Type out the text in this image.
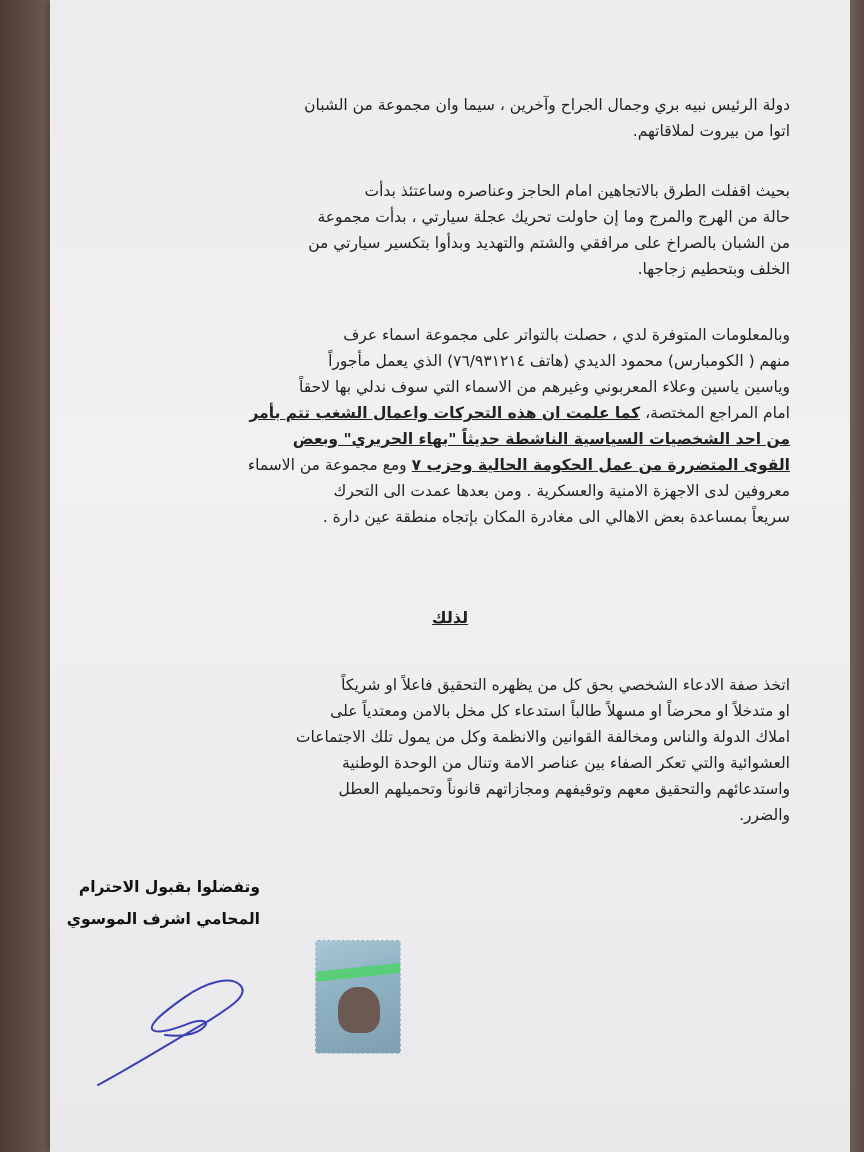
دولة الرئيس نبيه بري وجمال الجراح وآخرين ، سيما وان مجموعة من الشبان

اتوا من بيروت لملاقاتهم.

بحيث اقفلت الطرق بالاتجاهين امام الحاجز وعناصره وساعتئذ بدأت

حالة من الهرج والمرج وما إن حاولت تحريك عجلة سيارتي ، بدأت مجموعة

من الشبان بالصراخ على مرافقي والشتم والتهديد وبدأوا بتكسير سيارتي من

الخلف وبتحطيم زجاجها.

وبالمعلومات المتوفرة لدي ، حصلت بالتواتر على مجموعة اسماء عرف

منهم ( الكومبارس) محمود الديدي (هاتف ٧٦/٩٣١٢١٤) الذي يعمل مأجوراً

وياسين ياسين وعلاء المعربوني وغيرهم من الاسماء التي سوف ندلي بها لاحقاً

امام المراجع المختصة، كما علمت ان هذه التحركات واعمال الشغب تتم بأمر

من احد الشخصيات السياسية الناشطة حديثاً "بهاء الحريري" وبعض

القوى المتضررة من عمل الحكومة الحالية وحزب ٧ ومع مجموعة من الاسماء

معروفين لدى الاجهزة الامنية والعسكرية . ومن بعدها عمدت الى التحرك

سريعاً بمساعدة بعض الاهالي الى مغادرة المكان بإتجاه منطقة عين دارة .

لذلك

اتخذ صفة الادعاء الشخصي بحق كل من يظهره التحقيق فاعلاً او شريكاً

او متدخلاً او محرضاً او مسهلاً طالباً استدعاء كل مخل بالامن ومعتدياً على

املاك الدولة والناس ومخالفة القوانين والانظمة وكل من يمول تلك الاجتماعات

العشوائية والتي تعكر الصفاء بين عناصر الامة وتنال من الوحدة الوطنية

واستدعائهم والتحقيق معهم وتوقيفهم ومجازاتهم قانوناً وتحميلهم العطل

والضرر.

وتفضلوا بقبول الاحترام
المحامي اشرف الموسوي
